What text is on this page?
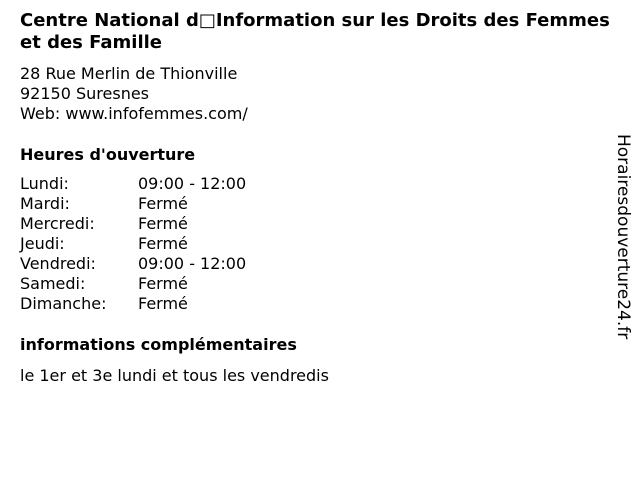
Centre National d□Information sur les Droits des Femmes et des Famille
28 Rue Merlin de Thionville
92150 Suresnes
Web: www.infofemmes.com/
Heures d'ouverture
Lundi:	09:00 - 12:00
Mardi:	Fermé
Mercredi:	Fermé
Jeudi:	Fermé
Vendredi:	09:00 - 12:00
Samedi:	Fermé
Dimanche: Fermé
informations complémentaires
le 1er et 3e lundi et tous les vendredis
Horairesdouverture24.fr
